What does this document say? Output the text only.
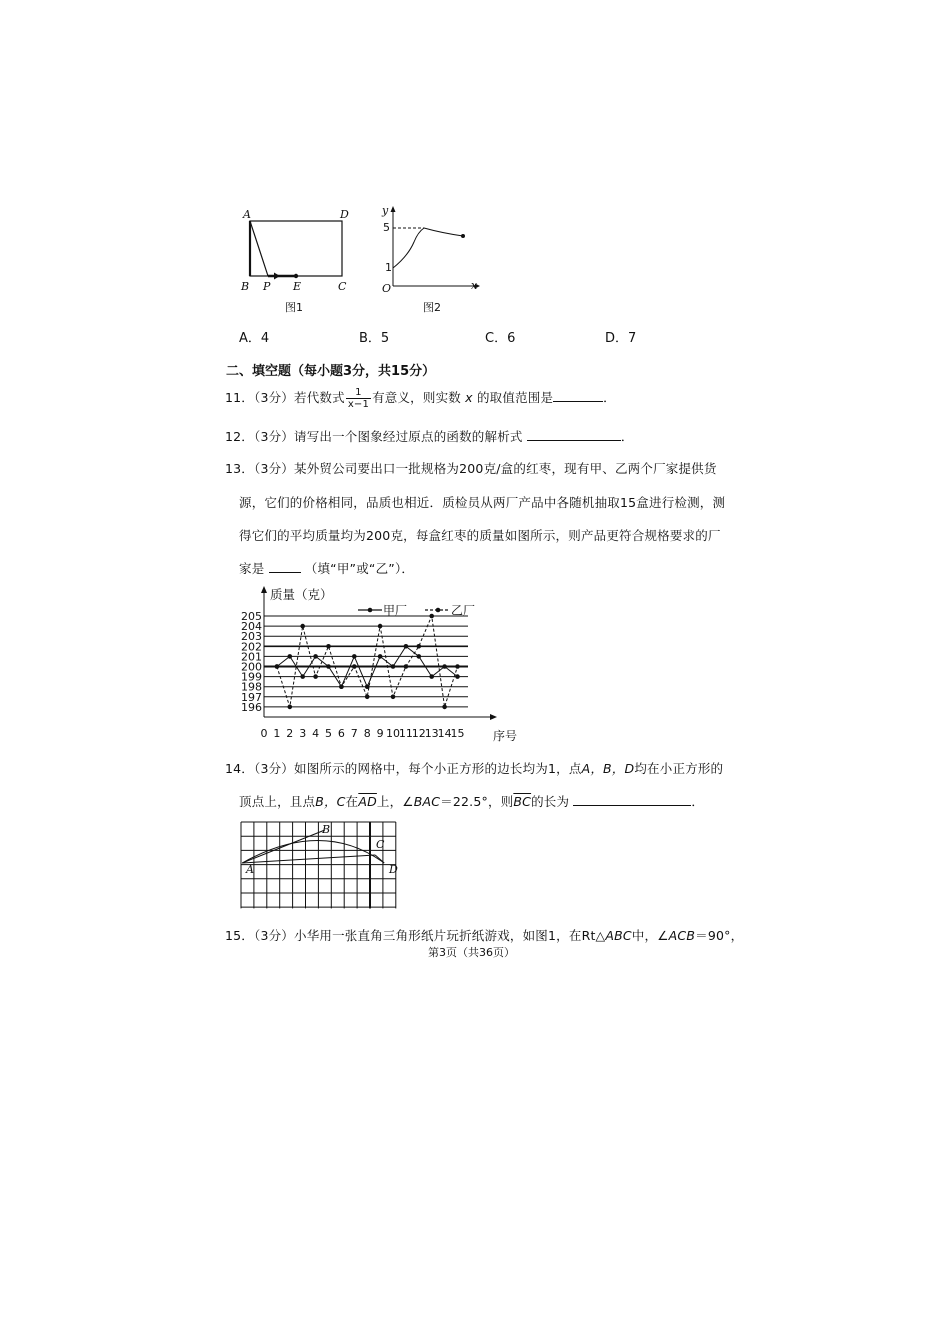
A	D
B P E	C
图1
y
5
1
O	x
图2
A．4	B．5	C．6	D．7
二、填空题（每小题3分，共15分）
11．（3分）若代数式 $\frac{1}{x-1}$ 有意义，则实数 x 的取值范围是	．
12．（3分）请写出一个图象经过原点的函数的解析式	．
13．（3分）某外贸公司要出口一批规格为200克/盒的红枣，现有甲、乙两个厂家提供货
源，它们的价格相同，品质也相近．质检员从两厂产品中各随机抽取15盒进行检测，测
得它们的平均质量均为200克，每盒红枣的质量如图所示，则产品更符合规格要求的厂
家是	（填“甲”或“乙”）．
196
197
198
199
200
201
202
203
204
205
0 1 2 3 4 5 6 7 8 9 10
11
12
13
14
15
质量（克）
序号
甲厂	乙厂
14．（3分）如图所示的网格中，每个小正方形的边长均为1，点A，B，D均在小正方形的
顶点上，且点B，C在$\overline{AD}$上，∠BAC＝22.5°，则$\overline{BC}$的长为	．
B
C
A	D
15．（3分）小华用一张直角三角形纸片玩折纸游戏，如图1，在Rt△ABC中，∠ACB＝90°，
第3页（共36页）
